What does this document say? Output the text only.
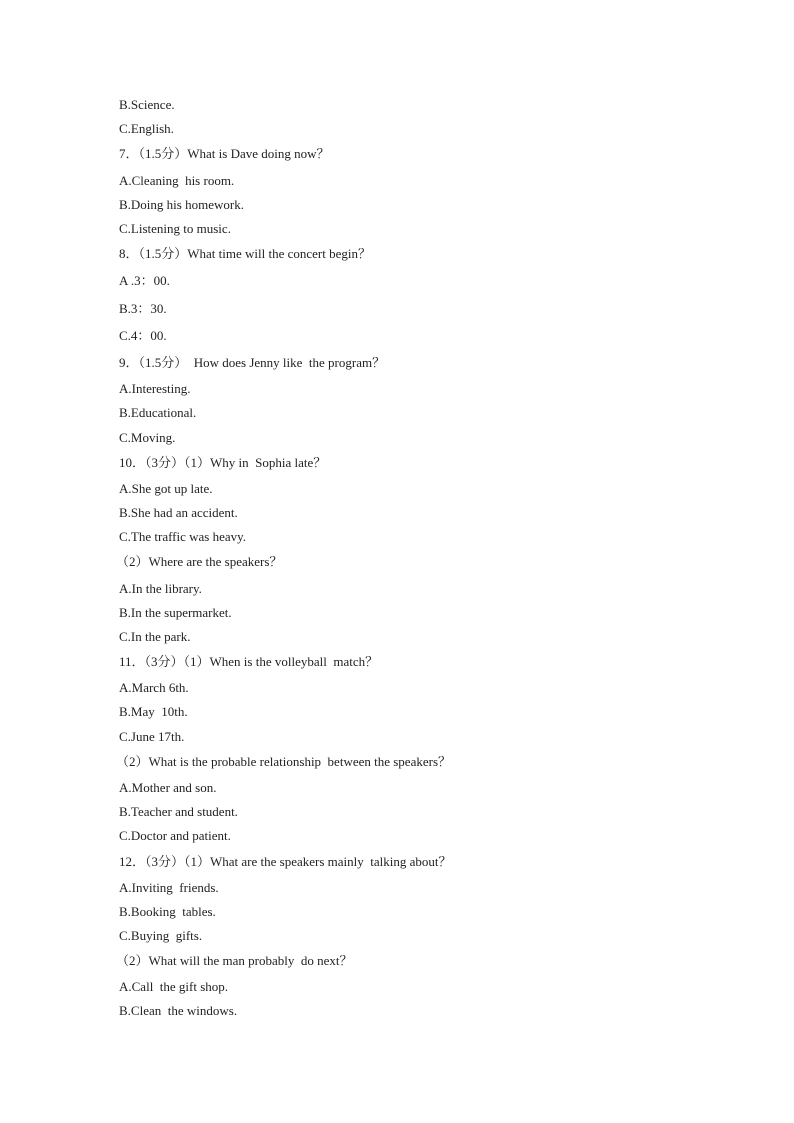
B.Science.
C.English.
7．（1.5分）What is Dave doing now？
A.Cleaning  his room.
B.Doing his homework.
C.Listening to music.
8．（1.5分）What time will the concert begin？
A .3：00.
B.3：30.
C.4：00.
9．（1.5分）  How does Jenny like  the program？
A.Interesting.
B.Educational.
C.Moving.
10．（3分）（1）Why in  Sophia late？
A.She got up late.
B.She had an accident.
C.The traffic was heavy.
（2）Where are the speakers？
A.In the library.
B.In the supermarket.
C.In the park.
11．（3分）（1）When is the volleyball  match？
A.March 6th.
B.May  10th.
C.June 17th.
（2）What is the probable relationship  between the speakers？
A.Mother and son.
B.Teacher and student.
C.Doctor and patient.
12．（3分）（1）What are the speakers mainly  talking about？
A.Inviting  friends.
B.Booking  tables.
C.Buying  gifts.
（2）What will the man probably  do next？
A.Call  the gift shop.
B.Clean  the windows.
